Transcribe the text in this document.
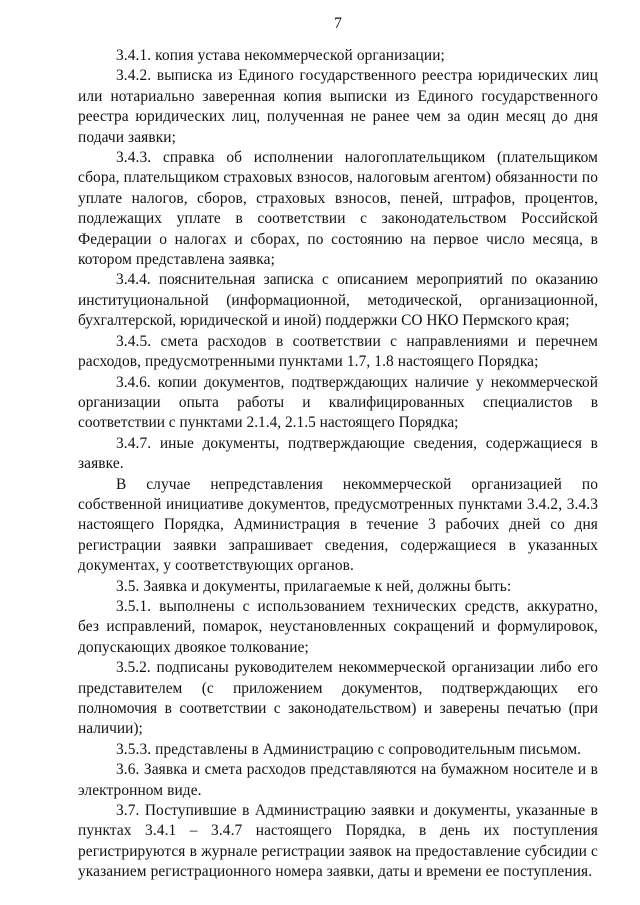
7

3.4.1. копия устава некоммерческой организации;

3.4.2. выписка из Единого государственного реестра юридических лиц или нотариально заверенная копия выписки из Единого государственного реестра юридических лиц, полученная не ранее чем за один месяц до дня подачи заявки;

3.4.3. справка об исполнении налогоплательщиком (плательщиком сбора, плательщиком страховых взносов, налоговым агентом) обязанности по уплате налогов, сборов, страховых взносов, пеней, штрафов, процентов, подлежащих уплате в соответствии с законодательством Российской Федерации о налогах и сборах, по состоянию на первое число месяца, в котором представлена заявка;

3.4.4. пояснительная записка с описанием мероприятий по оказанию институциональной (информационной, методической, организационной, бухгалтерской, юридической и иной) поддержки СО НКО Пермского края;

3.4.5. смета расходов в соответствии с направлениями и перечнем расходов, предусмотренными пунктами 1.7, 1.8 настоящего Порядка;

3.4.6. копии документов, подтверждающих наличие у некоммерческой организации опыта работы и квалифицированных специалистов в соответствии с пунктами 2.1.4, 2.1.5 настоящего Порядка;

3.4.7. иные документы, подтверждающие сведения, содержащиеся в заявке.

В случае непредставления некоммерческой организацией по собственной инициативе документов, предусмотренных пунктами 3.4.2, 3.4.3 настоящего Порядка, Администрация в течение 3 рабочих дней со дня регистрации заявки запрашивает сведения, содержащиеся в указанных документах, у соответствующих органов.

3.5. Заявка и документы, прилагаемые к ней, должны быть:

3.5.1. выполнены с использованием технических средств, аккуратно, без исправлений, помарок, неустановленных сокращений и формулировок, допускающих двоякое толкование;

3.5.2. подписаны руководителем некоммерческой организации либо его представителем (с приложением документов, подтверждающих его полномочия в соответствии с законодательством) и заверены печатью (при наличии);

3.5.3. представлены в Администрацию с сопроводительным письмом.

3.6. Заявка и смета расходов представляются на бумажном носителе и в электронном виде.

3.7. Поступившие в Администрацию заявки и документы, указанные в пунктах 3.4.1 – 3.4.7 настоящего Порядка, в день их поступления регистрируются в журнале регистрации заявок на предоставление субсидии с указанием регистрационного номера заявки, даты и времени ее поступления.
